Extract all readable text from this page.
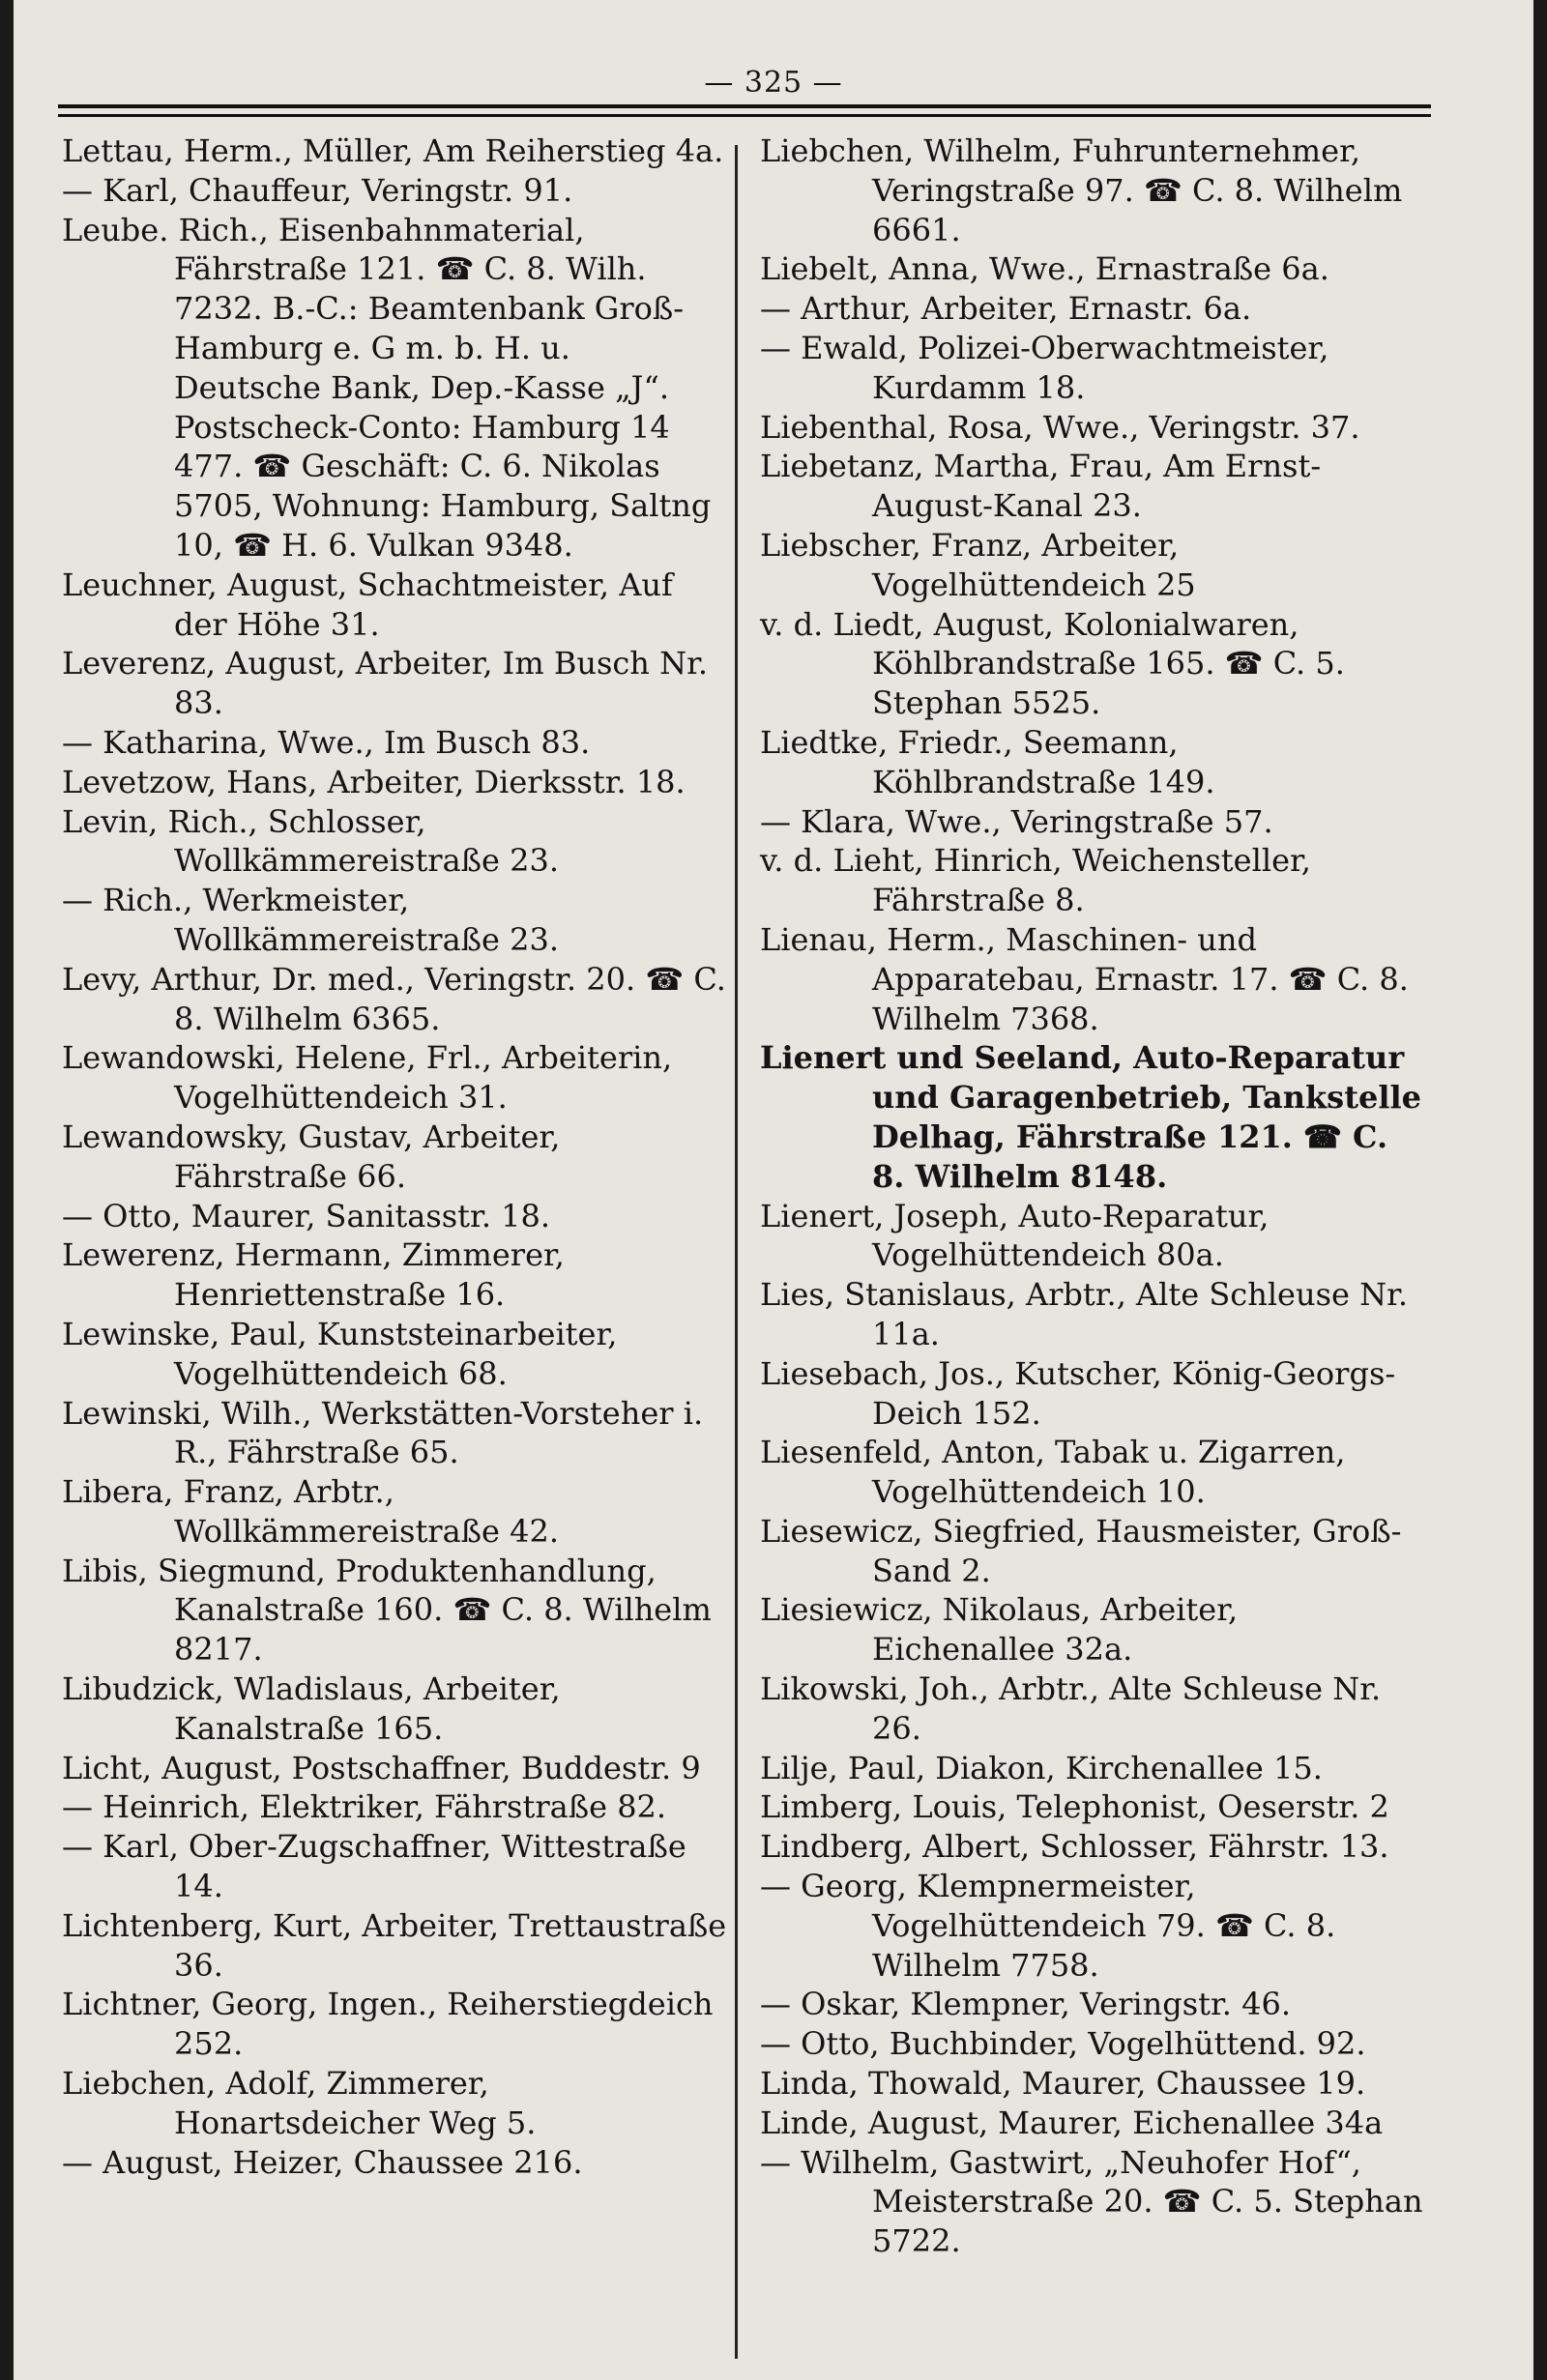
— 325 —

Lettau, Herm., Müller, Am Reiherstieg 4a.

— Karl, Chauffeur, Veringstr. 91.

Leube. Rich., Eisenbahnmaterial, Fährstraße 121. ☎ C. 8. Wilh. 7232. B.-C.: Beamtenbank Groß-Hamburg e. G m. b. H. u. Deutsche Bank, Dep.-Kasse „J“. Postscheck-Conto: Hamburg 14 477. ☎ Geschäft: C. 6. Nikolas 5705, Wohnung: Hamburg, Saltng 10, ☎ H. 6. Vulkan 9348.

Leuchner, August, Schachtmeister, Auf der Höhe 31.

Leverenz, August, Arbeiter, Im Busch Nr. 83.

— Katharina, Wwe., Im Busch 83.

Levetzow, Hans, Arbeiter, Dierksstr. 18.

Levin, Rich., Schlosser, Wollkämmereistraße 23.

— Rich., Werkmeister, Wollkämmereistraße 23.

Levy, Arthur, Dr. med., Veringstr. 20. ☎ C. 8. Wilhelm 6365.

Lewandowski, Helene, Frl., Arbeiterin, Vogelhüttendeich 31.

Lewandowsky, Gustav, Arbeiter, Fährstraße 66.

— Otto, Maurer, Sanitasstr. 18.

Lewerenz, Hermann, Zimmerer, Henriettenstraße 16.

Lewinske, Paul, Kunststeinarbeiter, Vogelhüttendeich 68.

Lewinski, Wilh., Werkstätten-Vorsteher i. R., Fährstraße 65.

Libera, Franz, Arbtr., Wollkämmereistraße 42.

Libis, Siegmund, Produktenhandlung, Kanalstraße 160. ☎ C. 8. Wilhelm 8217.

Libudzick, Wladislaus, Arbeiter, Kanalstraße 165.

Licht, August, Postschaffner, Buddestr. 9

— Heinrich, Elektriker, Fährstraße 82.

— Karl, Ober-Zugschaffner, Wittestraße 14.

Lichtenberg, Kurt, Arbeiter, Trettaustraße 36.

Lichtner, Georg, Ingen., Reiherstiegdeich 252.

Liebchen, Adolf, Zimmerer, Honartsdeicher Weg 5.

— August, Heizer, Chaussee 216.

Liebchen, Wilhelm, Fuhrunternehmer, Veringstraße 97. ☎ C. 8. Wilhelm 6661.

Liebelt, Anna, Wwe., Ernastraße 6a.

— Arthur, Arbeiter, Ernastr. 6a.

— Ewald, Polizei-Oberwachtmeister, Kurdamm 18.

Liebenthal, Rosa, Wwe., Veringstr. 37.

Liebetanz, Martha, Frau, Am Ernst-August-Kanal 23.

Liebscher, Franz, Arbeiter, Vogelhüttendeich 25

v. d. Liedt, August, Kolonialwaren, Köhlbrandstraße 165. ☎ C. 5. Stephan 5525.

Liedtke, Friedr., Seemann, Köhlbrandstraße 149.

— Klara, Wwe., Veringstraße 57.

v. d. Lieht, Hinrich, Weichensteller, Fährstraße 8.

Lienau, Herm., Maschinen- und Apparatebau, Ernastr. 17. ☎ C. 8. Wilhelm 7368.

Lienert und Seeland, Auto-Reparatur und Garagenbetrieb, Tankstelle Delhag, Fährstraße 121. ☎ C. 8. Wilhelm 8148.

Lienert, Joseph, Auto-Reparatur, Vogelhüttendeich 80a.

Lies, Stanislaus, Arbtr., Alte Schleuse Nr. 11a.

Liesebach, Jos., Kutscher, König-Georgs-Deich 152.

Liesenfeld, Anton, Tabak u. Zigarren, Vogelhüttendeich 10.

Liesewicz, Siegfried, Hausmeister, Groß-Sand 2.

Liesiewicz, Nikolaus, Arbeiter, Eichenallee 32a.

Likowski, Joh., Arbtr., Alte Schleuse Nr. 26.

Lilje, Paul, Diakon, Kirchenallee 15.

Limberg, Louis, Telephonist, Oeserstr. 2

Lindberg, Albert, Schlosser, Fährstr. 13.

— Georg, Klempnermeister, Vogelhüttendeich 79. ☎ C. 8. Wilhelm 7758.

— Oskar, Klempner, Veringstr. 46.

— Otto, Buchbinder, Vogelhüttend. 92.

Linda, Thowald, Maurer, Chaussee 19.

Linde, August, Maurer, Eichenallee 34a

— Wilhelm, Gastwirt, „Neuhofer Hof“, Meisterstraße 20. ☎ C. 5. Stephan 5722.
